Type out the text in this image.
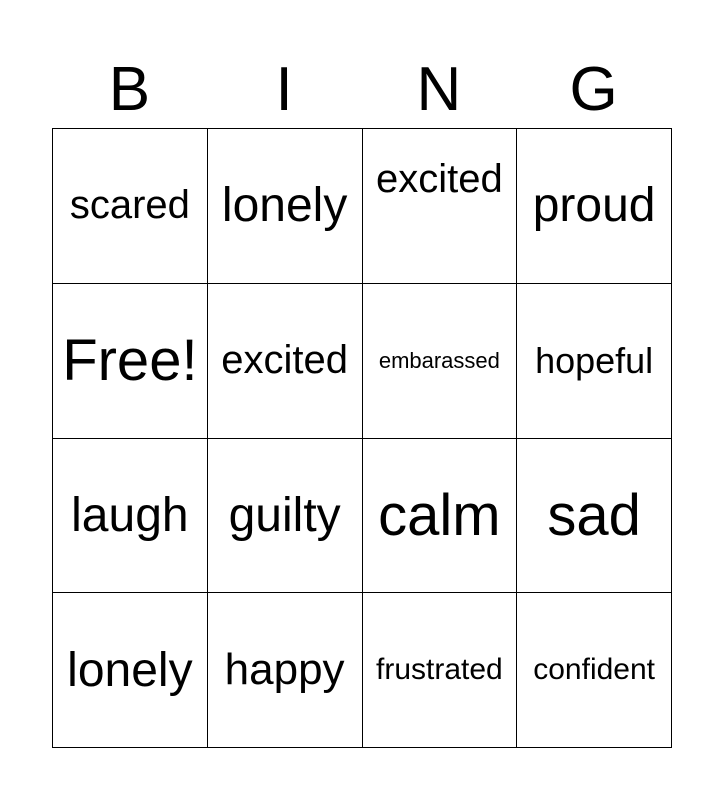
B	I	N	G
scared lonely excited proud
Free! excited	embarassed hopeful
laugh guilty calm sad
lonely happy	frustrated	confident
